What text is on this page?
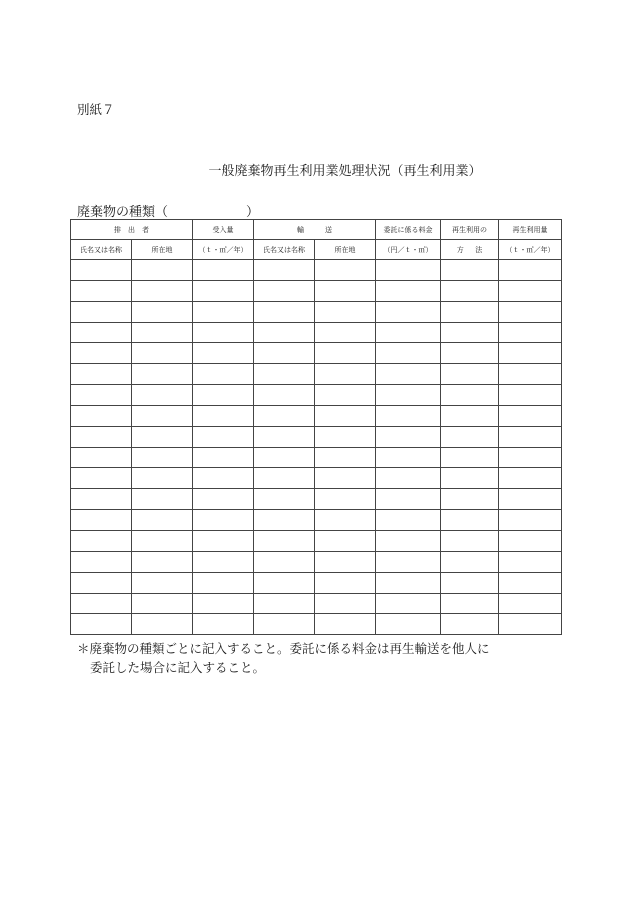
別紙７
一般廃棄物再生利用業処理状況（再生利用業）
廃棄物の種類（　　　　　　）
排　出　者		受入量	輸　　　送		委託に係る料金	再生利用の	再生利用量
氏名又は名称	所在地	（ｔ・㎥／年）	氏名又は名称	所在地	（円／ｔ・㎥）	方 法	（ｔ・㎥／年）

＊廃棄物の種類ごとに記入すること。委託に係る料金は再生輸送を他人に
委託した場合に記入すること。
